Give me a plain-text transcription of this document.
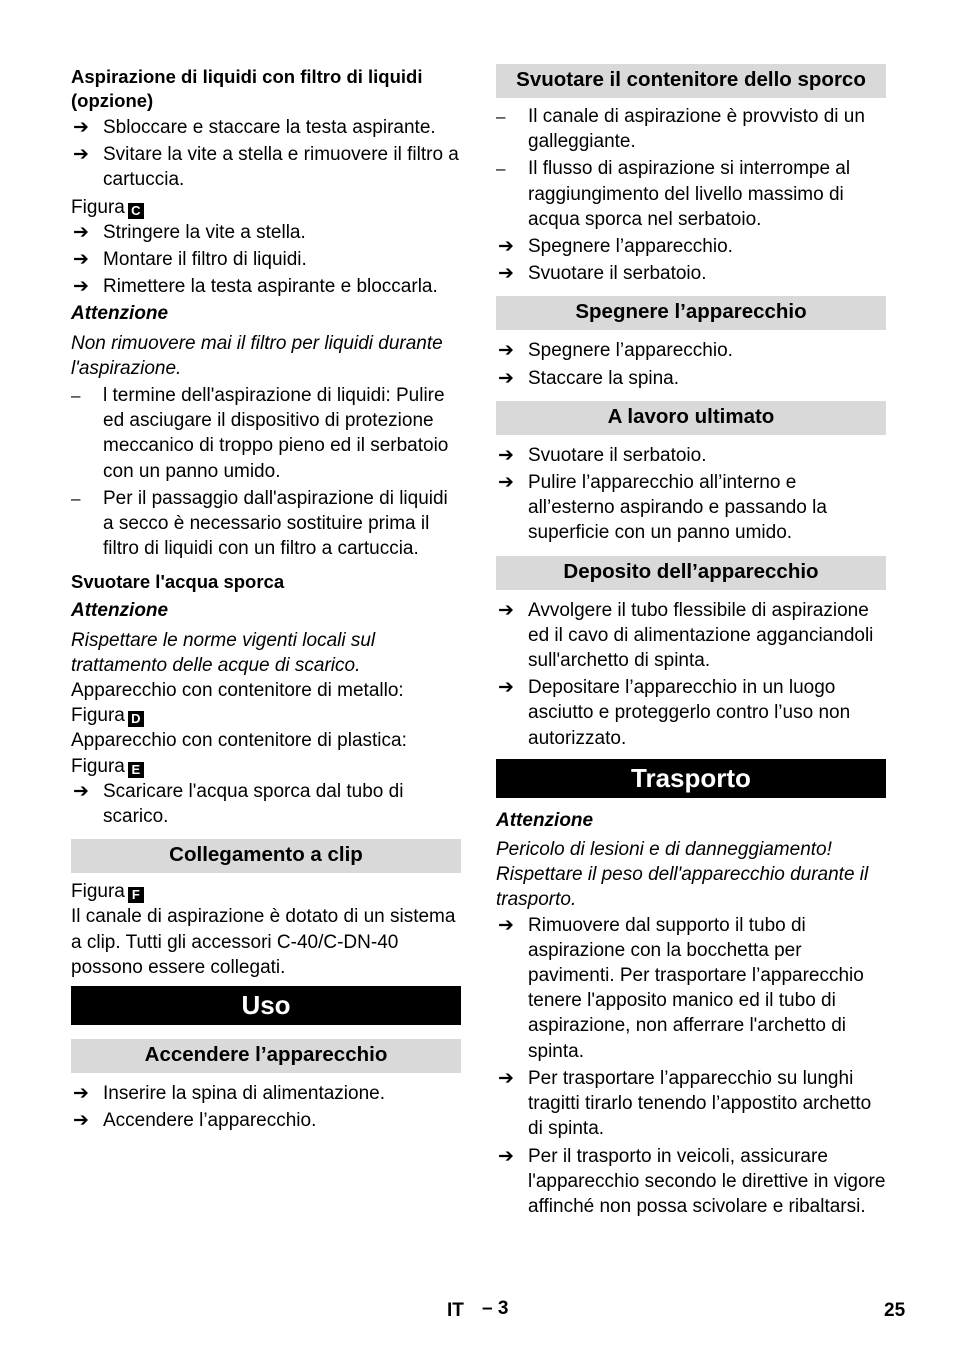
Aspirazione di liquidi con filtro di liquidi (opzione)

➔ Sbloccare e staccare la testa aspirante.
➔ Svitare la vite a stella e rimuovere il filtro a cartuccia.

Figura C

➔ Stringere la vite a stella.
➔ Montare il filtro di liquidi.
➔ Rimettere la testa aspirante e bloccarla.

Attenzione

Non rimuovere mai il filtro per liquidi durante l'aspirazione.

–	l termine dell'aspirazione di liquidi: Pulire ed asciugare il dispositivo di protezione meccanico di troppo pieno ed il serbatoio con un panno umido.
–	Per il passaggio dall'aspirazione di liquidi a secco è necessario sostituire prima il filtro di liquidi con un filtro a cartuccia.

Svuotare l'acqua sporca

Attenzione

Rispettare le norme vigenti locali sul trattamento delle acque di scarico.

Apparecchio con contenitore di metallo:

Figura D

Apparecchio con contenitore di plastica:

Figura E

➔ Scaricare l'acqua sporca dal tubo di scarico.
Collegamento a clip

Figura F

Il canale di aspirazione è dotato di un sistema a clip. Tutti gli accessori C-40/C-DN-40 possono essere collegati.

Uso
Accendere l’apparecchio
➔ Inserire la spina di alimentazione.
➔ Accendere l’apparecchio.
Svuotare il contenitore dello sporco
–	Il canale di aspirazione è provvisto di un galleggiante.
–	Il flusso di aspirazione si interrompe al raggiungimento del livello massimo di acqua sporca nel serbatoio.
➔ Spegnere l’apparecchio.
➔ Svuotare il serbatoio.
Spegnere l’apparecchio
➔ Spegnere l’apparecchio.
➔ Staccare la spina.
A lavoro ultimato
➔ Svuotare il serbatoio.
➔ Pulire l’apparecchio all’interno e all’esterno aspirando e passando la superficie con un panno umido.
Deposito dell’apparecchio
➔ Avvolgere il tubo flessibile di aspirazione ed il cavo di alimentazione agganciandoli sull'archetto di spinta.
➔ Depositare l’apparecchio in un luogo asciutto e proteggerlo contro l’uso non autorizzato.
Trasporto

Attenzione

Pericolo di lesioni e di danneggiamento! Rispettare il peso dell'apparecchio durante il trasporto.

➔ Rimuovere dal supporto il tubo di aspirazione con la bocchetta per pavimenti. Per trasportare l’apparecchio tenere l'apposito manico ed il tubo di aspirazione, non afferrare l'archetto di spinta.
➔ Per trasportare l’apparecchio su lunghi tragitti tirarlo tenendo l’appostito archetto di spinta.
➔ Per il trasporto in veicoli, assicurare l'apparecchio secondo le direttive in vigore affinché non possa scivolare e ribaltarsi.
IT – 3	25
